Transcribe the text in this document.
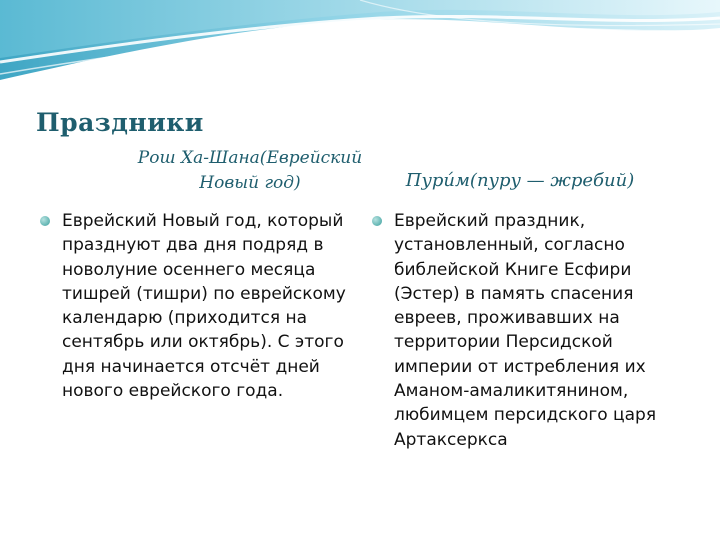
Праздники
Рош Ха-Шана(Еврейский Новый год)	Пури́м(пуру — жребий)
Еврейский Новый год, который празднуют два дня подряд в новолуние осеннего месяца тишрей (тишри) по еврейскому календарю (приходится на сентябрь или октябрь). С этого дня начинается отсчёт дней нового еврейского года.
Еврейский праздник, установленный, согласно библейской Книге Есфири (Эстер) в память спасения евреев, проживавших на территории Персидской империи от истребления их Аманом-амаликитянином, любимцем персидского царя Артаксеркса
